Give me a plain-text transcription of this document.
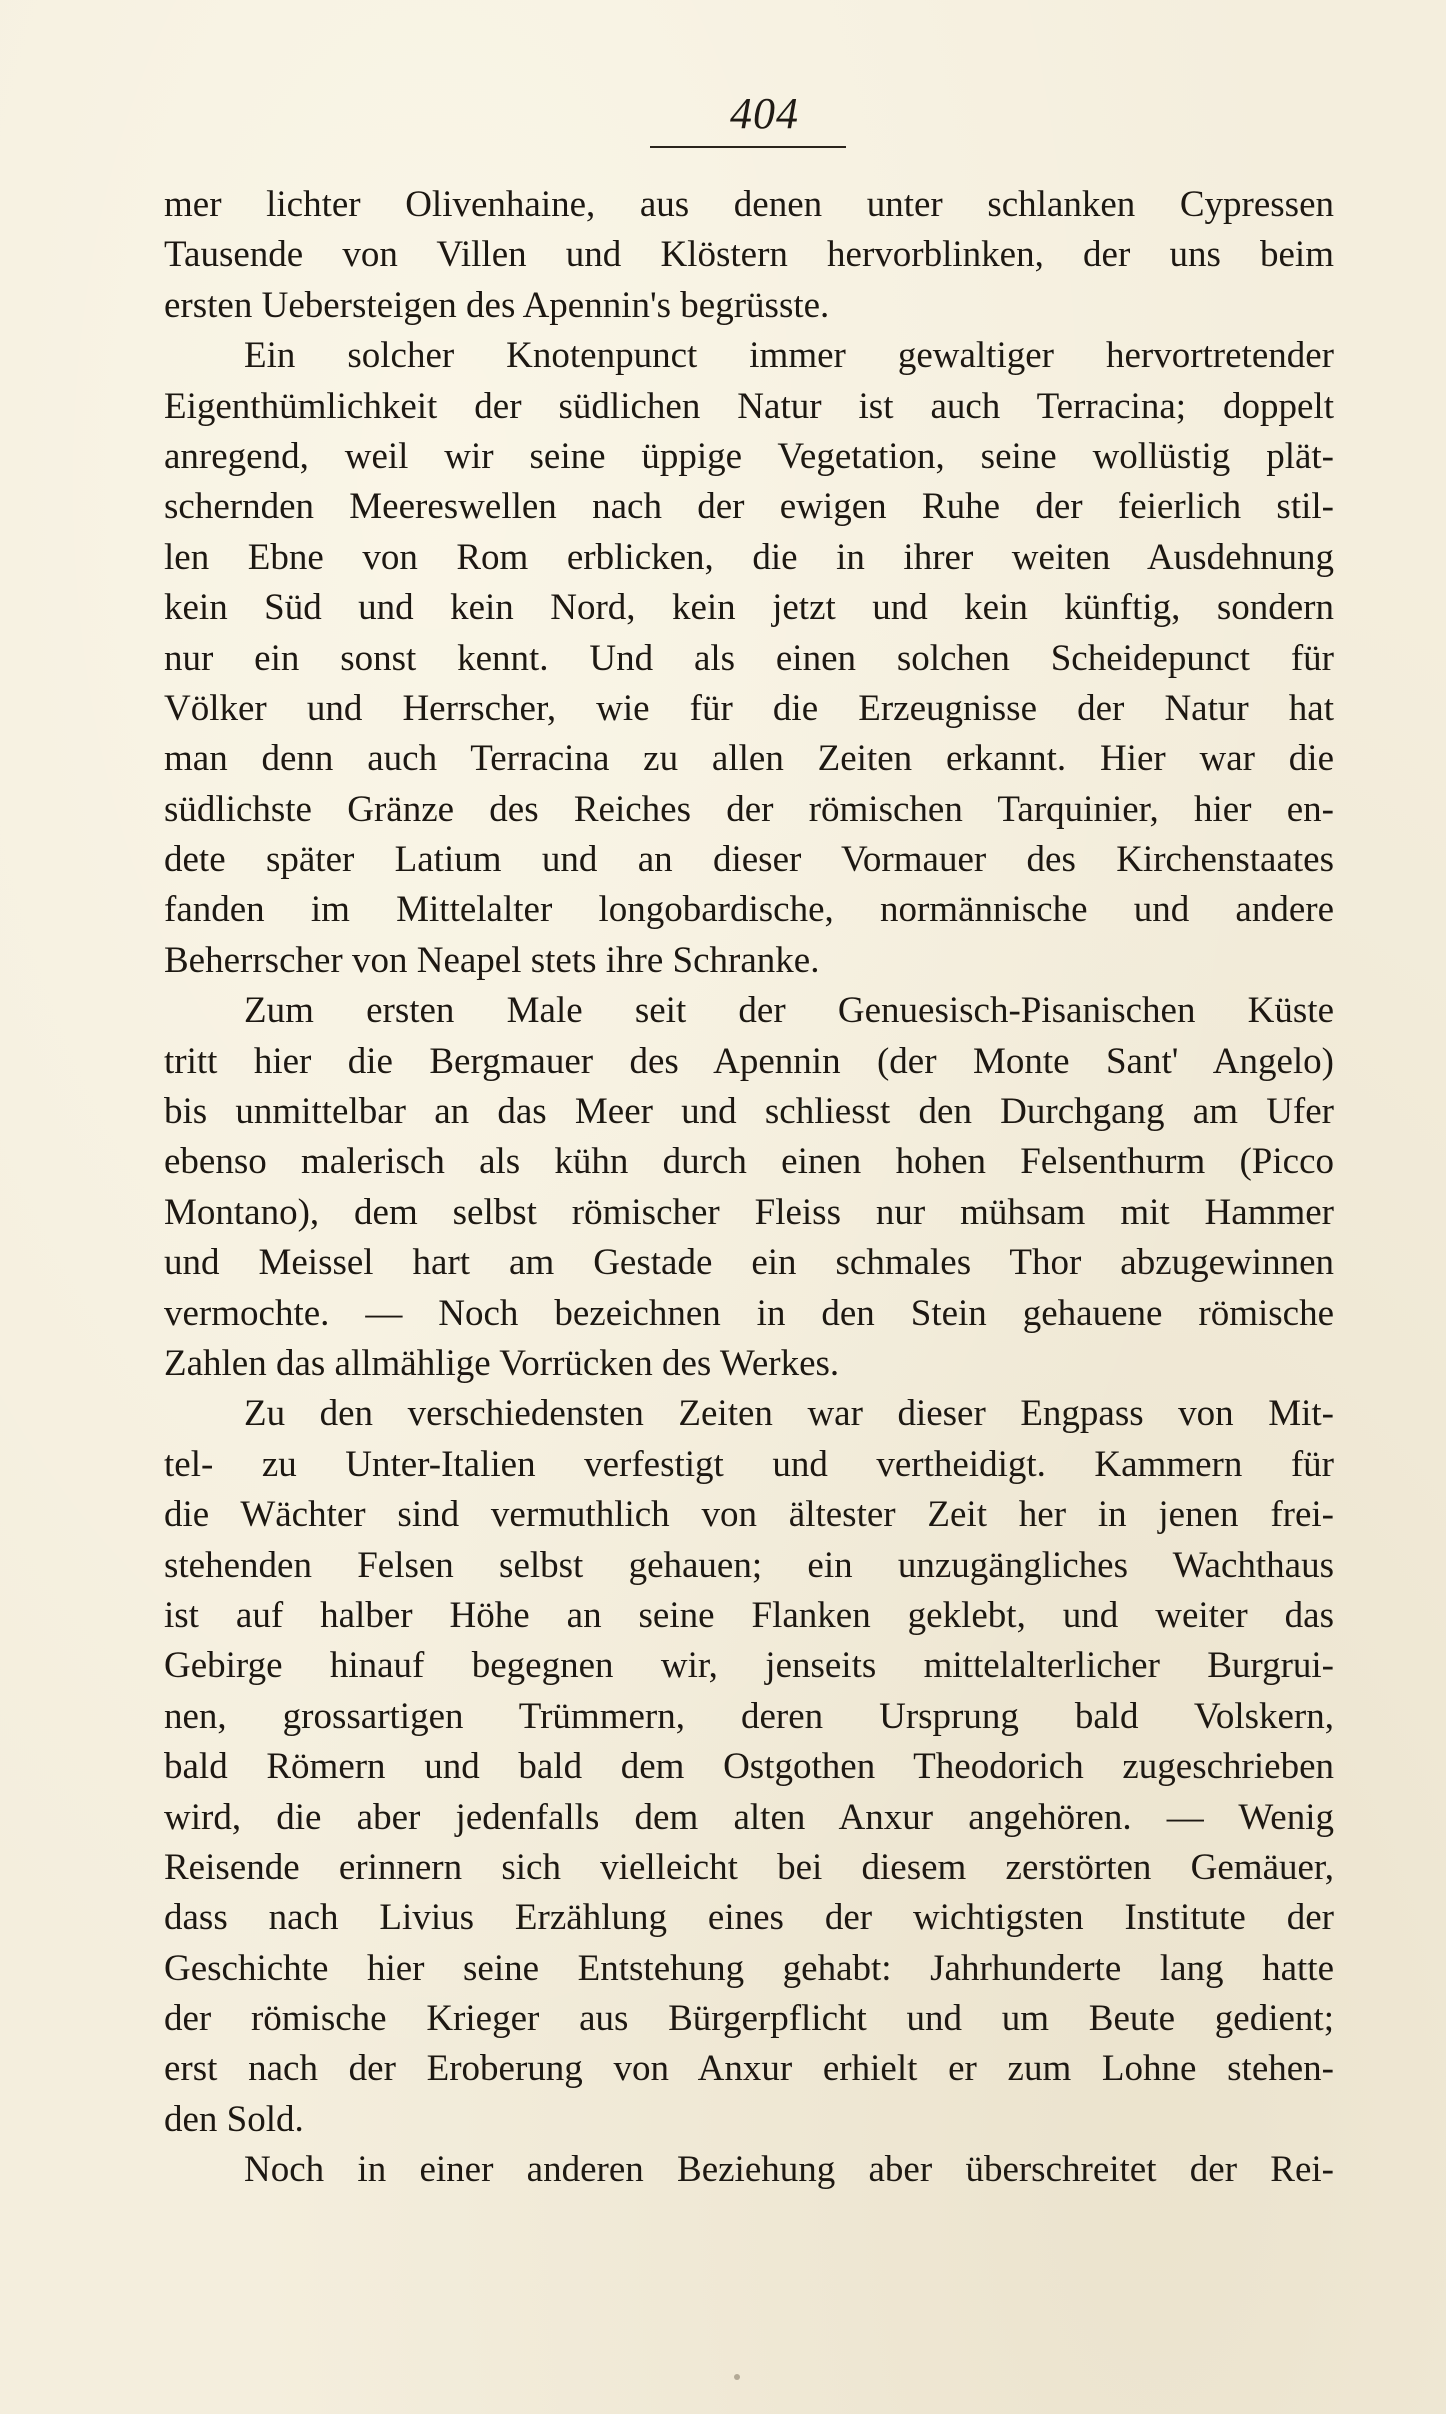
404
mer lichter Olivenhaine, aus denen unter schlanken Cypressen
Tausende von Villen und Klöstern hervorblinken, der uns beim
ersten Uebersteigen des Apennin's begrüsste.
Ein solcher Knotenpunct immer gewaltiger hervortretender
Eigenthümlichkeit der südlichen Natur ist auch Terracina; doppelt
anregend, weil wir seine üppige Vegetation, seine wollüstig plät-
schernden Meereswellen nach der ewigen Ruhe der feierlich stil-
len Ebne von Rom erblicken, die in ihrer weiten Ausdehnung
kein Süd und kein Nord, kein jetzt und kein künftig, sondern
nur ein sonst kennt. Und als einen solchen Scheidepunct für
Völker und Herrscher, wie für die Erzeugnisse der Natur hat
man denn auch Terracina zu allen Zeiten erkannt. Hier war die
südlichste Gränze des Reiches der römischen Tarquinier, hier en-
dete später Latium und an dieser Vormauer des Kirchenstaates
fanden im Mittelalter longobardische, normännische und andere
Beherrscher von Neapel stets ihre Schranke.
Zum ersten Male seit der Genuesisch-Pisanischen Küste
tritt hier die Bergmauer des Apennin (der Monte Sant' Angelo)
bis unmittelbar an das Meer und schliesst den Durchgang am Ufer
ebenso malerisch als kühn durch einen hohen Felsenthurm (Picco
Montano), dem selbst römischer Fleiss nur mühsam mit Hammer
und Meissel hart am Gestade ein schmales Thor abzugewinnen
vermochte. — Noch bezeichnen in den Stein gehauene römische
Zahlen das allmählige Vorrücken des Werkes.
Zu den verschiedensten Zeiten war dieser Engpass von Mit-
tel- zu Unter-Italien verfestigt und vertheidigt. Kammern für
die Wächter sind vermuthlich von ältester Zeit her in jenen frei-
stehenden Felsen selbst gehauen; ein unzugängliches Wachthaus
ist auf halber Höhe an seine Flanken geklebt, und weiter das
Gebirge hinauf begegnen wir, jenseits mittelalterlicher Burgrui-
nen, grossartigen Trümmern, deren Ursprung bald Volskern,
bald Römern und bald dem Ostgothen Theodorich zugeschrieben
wird, die aber jedenfalls dem alten Anxur angehören. — Wenig
Reisende erinnern sich vielleicht bei diesem zerstörten Gemäuer,
dass nach Livius Erzählung eines der wichtigsten Institute der
Geschichte hier seine Entstehung gehabt: Jahrhunderte lang hatte
der römische Krieger aus Bürgerpflicht und um Beute gedient;
erst nach der Eroberung von Anxur erhielt er zum Lohne stehen-
den Sold.
Noch in einer anderen Beziehung aber überschreitet der Rei-
